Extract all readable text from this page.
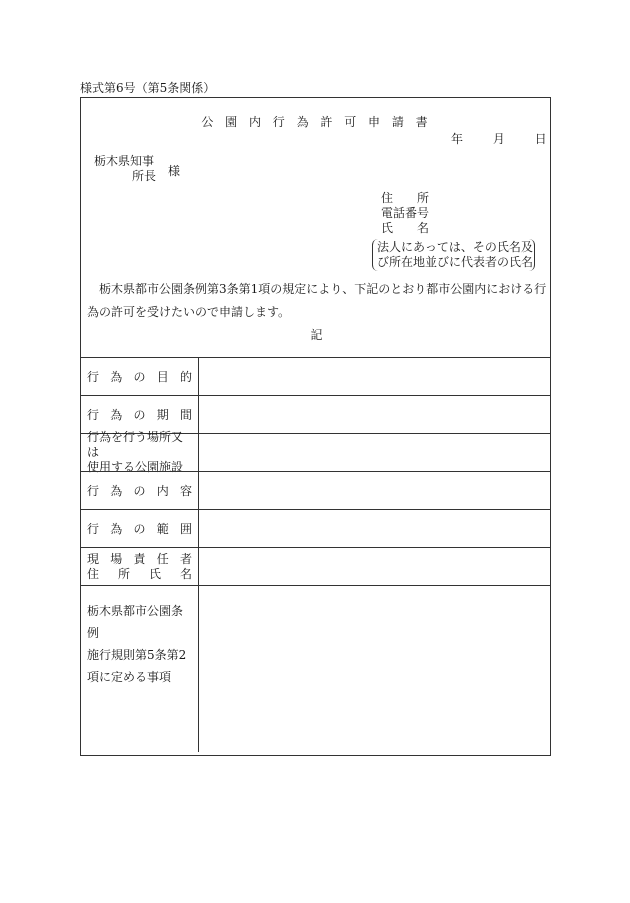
様式第6号（第5条関係）
公 園 内 行 為 許 可 申 請 書
年 月 日
栃木県知事
所長 様
住 所
電話番号
氏 名
法人にあっては、その氏名及
び所在地並びに代表者の氏名
栃木県都市公園条例第3条第1項の規定により、下記のとおり都市公園内における行為の許可を受けたいので申請します。
記
行 為 の 目 的
行 為 の 期 間
行為を行う場所又は
使用する公園施設
行 為 の 内 容
行 為 の 範 囲
現 場 責 任 者
住 所 氏 名
栃木県都市公園条例
施行規則第5条第2
項に定める事項
